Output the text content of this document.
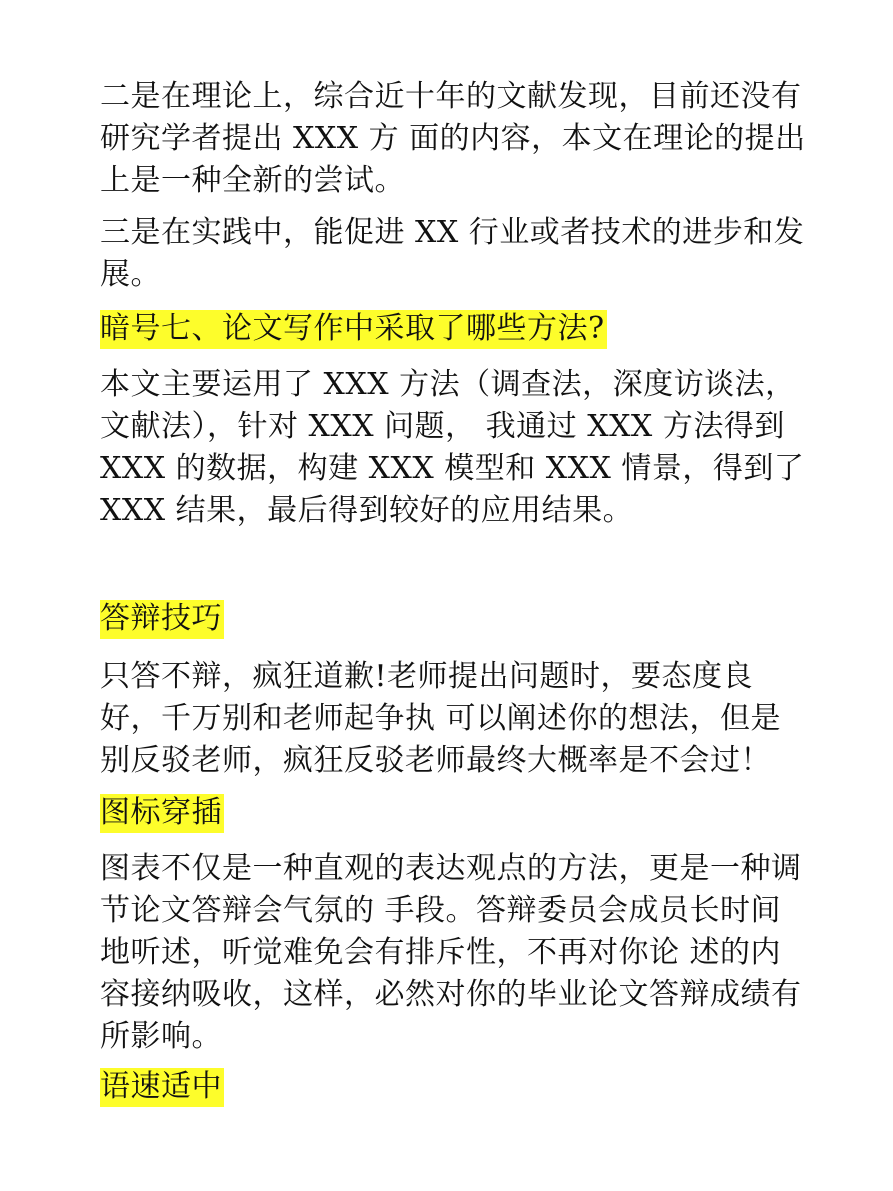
二是在理论上，综合近十年的文献发现，目前还没有
研究学者提出 XXX 方 面的内容，本文在理论的提出
上是一种全新的尝试。

三是在实践中，能促进 XX 行业或者技术的进步和发
展。

暗号七、论文写作中采取了哪些方法?

本文主要运用了 XXX 方法（调查法，深度访谈法，
文献法），针对 XXX 问题， 我通过 XXX 方法得到
XXX 的数据，构建 XXX 模型和 XXX 情景，得到了
XXX 结果，最后得到较好的应用结果。

答辩技巧

只答不辩，疯狂道歉!老师提出问题时，要态度良
好，千万别和老师起争执 可以阐述你的想法，但是
别反驳老师，疯狂反驳老师最终大概率是不会过！

图标穿插

图表不仅是一种直观的表达观点的方法，更是一种调
节论文答辩会气氛的 手段。答辩委员会成员长时间
地听述，听觉难免会有排斥性，不再对你论 述的内
容接纳吸收，这样，必然对你的毕业论文答辩成绩有
所影响。

语速适中
